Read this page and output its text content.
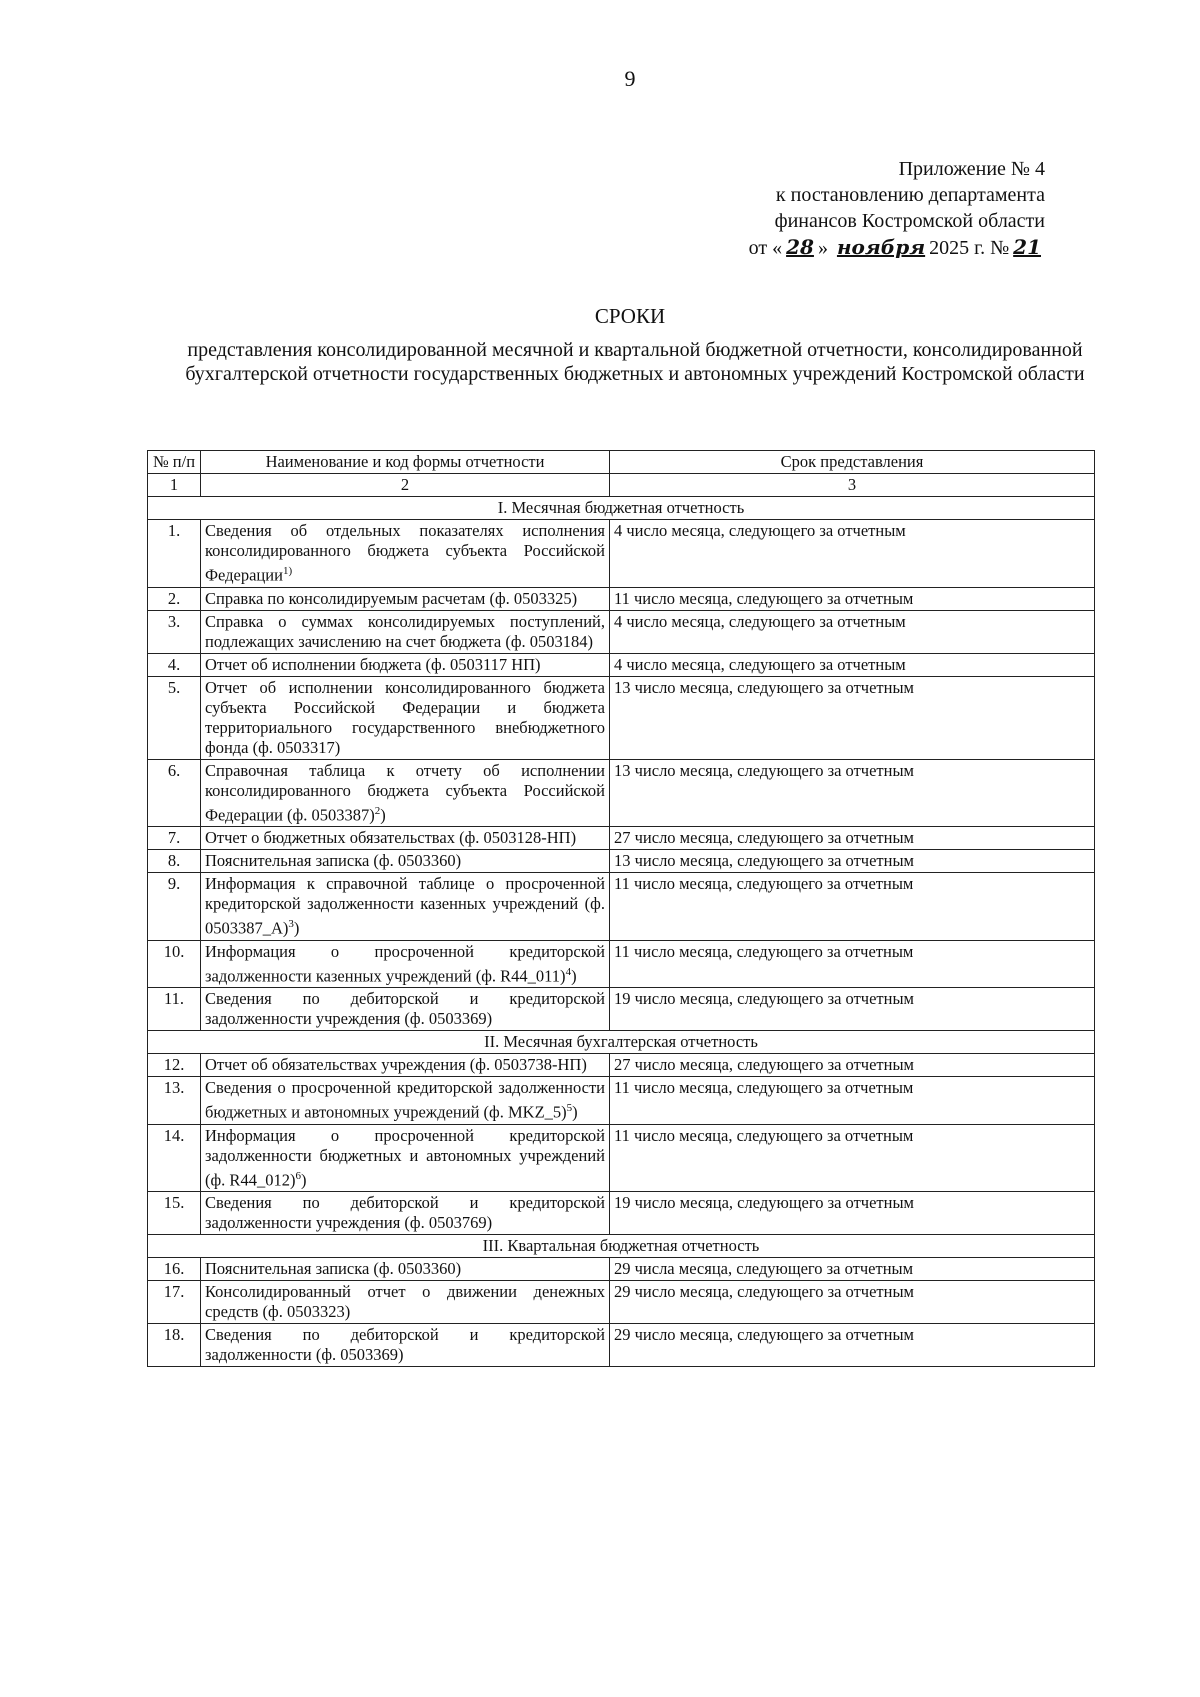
9
Приложение № 4
к постановлению департамента
финансов Костромской области
от « 28 » ноября 2025 г. № 21
СРОКИ
представления консолидированной месячной и квартальной бюджетной отчетности, консолидированной бухгалтерской отчетности государственных бюджетных и автономных учреждений Костромской области
№ п/п	Наименование и код формы отчетности	Срок представления
1	2	3
I. Месячная бюджетная отчетность		
1.	Сведения об отдельных показателях исполнения консолидированного бюджета субъекта Российской Федерации$^{1)}$	4 число месяца, следующего за отчетным
2.	Справка по консолидируемым расчетам (ф. 0503325)	11 число месяца, следующего за отчетным
3.	Справка о суммах консолидируемых поступлений, подлежащих зачислению на счет бюджета (ф. 0503184)	4 число месяца, следующего за отчетным
4.	Отчет об исполнении бюджета (ф. 0503117 НП)	4 число месяца, следующего за отчетным
5.	Отчет об исполнении консолидированного бюджета субъекта Российской Федерации и бюджета территориального государственного внебюджетного фонда (ф. 0503317)	13 число месяца, следующего за отчетным
6.	Справочная таблица к отчету об исполнении консолидированного бюджета субъекта Российской Федерации (ф. 0503387)$^2$)	13 число месяца, следующего за отчетным
7.	Отчет о бюджетных обязательствах (ф. 0503128-НП)	27 число месяца, следующего за отчетным
8.	Пояснительная записка (ф. 0503360)	13 число месяца, следующего за отчетным
9.	Информация к справочной таблице о просроченной кредиторской задолженности казенных учреждений (ф. 0503387_А)$^3$)	11 число месяца, следующего за отчетным
10.	Информация о просроченной кредиторской задолженности казенных учреждений (ф. R44_011)$^4$)	11 число месяца, следующего за отчетным
11.	Сведения по дебиторской и кредиторской задолженности учреждения (ф. 0503369)	19 число месяца, следующего за отчетным
II. Месячная бухгалтерская отчетность		
12.	Отчет об обязательствах учреждения (ф. 0503738-НП)	27 число месяца, следующего за отчетным
13.	Сведения о просроченной кредиторской задолженности бюджетных и автономных учреждений (ф. MKZ_5)$^5$)	11 число месяца, следующего за отчетным
14.	Информация о просроченной кредиторской задолженности бюджетных и автономных учреждений (ф. R44_012)$^6$)	11 число месяца, следующего за отчетным
15.	Сведения по дебиторской и кредиторской задолженности учреждения (ф. 0503769)	19 число месяца, следующего за отчетным
III. Квартальная бюджетная отчетность		
16.	Пояснительная записка (ф. 0503360)	29 числа месяца, следующего за отчетным
17.	Консолидированный отчет о движении денежных средств (ф. 0503323)	29 число месяца, следующего за отчетным
18.	Сведения по дебиторской и кредиторской задолженности (ф. 0503369)	29 число месяца, следующего за отчетным
